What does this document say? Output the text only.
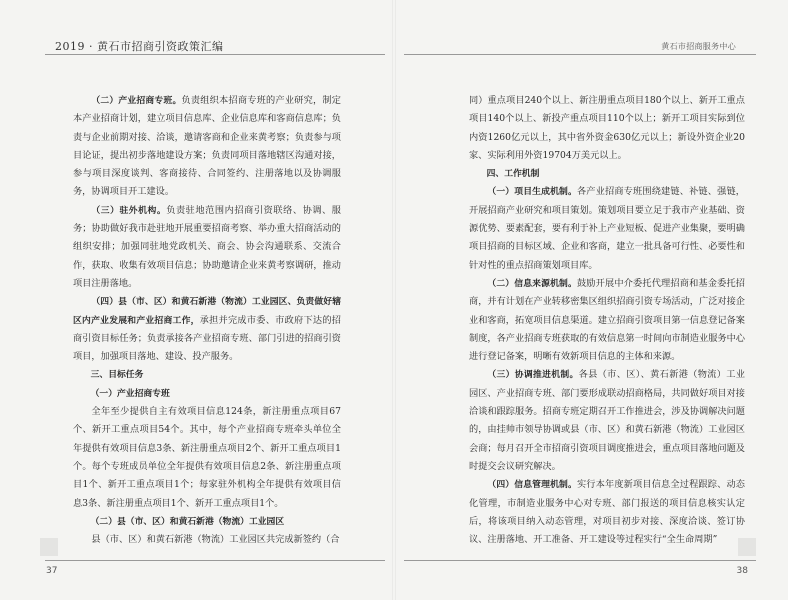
2019 · 黄石市招商引资政策汇编	黄石市招商服务中心

（二）产业招商专班。负责组织本招商专班的产业研究，制定本产业招商计划，建立项目信息库、企业信息库和客商信息库；负责与企业前期对接、洽谈，邀请客商和企业来黄考察；负责参与项目论证，提出初步落地建设方案；负责同项目落地辖区沟通对接，参与项目深度谈判、客商接待、合同签约、注册落地以及协调服务，协调项目开工建设。

（三）驻外机构。负责驻地范围内招商引资联络、协调、服务；协助做好我市赴驻地开展重要招商考察、举办重大招商活动的组织安排；加强同驻地党政机关、商会、协会沟通联系、交流合作，获取、收集有效项目信息；协助邀请企业来黄考察调研，推动项目注册落地。

（四）县（市、区）和黄石新港（物流）工业园区、负责做好辖区内产业发展和产业招商工作，承担并完成市委、市政府下达的招商引资目标任务；负责承接各产业招商专班、部门引进的招商引资项目，加强项目落地、建设、投产服务。

三、目标任务

（一）产业招商专班

全年至少提供自主有效项目信息124条，新注册重点项目67个、新开工重点项目54个。其中，每个产业招商专班牵头单位全年提供有效项目信息3条、新注册重点项目2个、新开工重点项目1个。每个专班成员单位全年提供有效项目信息2条、新注册重点项目1个、新开工重点项目1个；每家驻外机构全年提供有效项目信息3条、新注册重点项目1个、新开工重点项目1个。

（二）县（市、区）和黄石新港（物流）工业园区

县（市、区）和黄石新港（物流）工业园区共完成新签约（合

同）重点项目240个以上、新注册重点项目180个以上、新开工重点项目140个以上、新投产重点项目110个以上；新开工项目实际到位内资1260亿元以上，其中省外资金630亿元以上；新设外资企业20家、实际利用外资19704万美元以上。

四、工作机制

（一）项目生成机制。各产业招商专班围绕建链、补链、强链，开展招商产业研究和项目策划。策划项目要立足于我市产业基础、资源优势、要素配套，要有利于补上产业短板、促进产业集聚，要明确项目招商的目标区域、企业和客商，建立一批具备可行性、必要性和针对性的重点招商策划项目库。

（二）信息来源机制。鼓励开展中介委托代理招商和基金委托招商，并有计划在产业转移密集区组织招商引资专场活动，广泛对接企业和客商，拓宽项目信息渠道。建立招商引资项目第一信息登记备案制度，各产业招商专班获取的有效信息第一时间向市制造业服务中心进行登记备案，明晰有效新项目信息的主体和来源。

（三）协调推进机制。各县（市、区）、黄石新港（物流）工业园区、产业招商专班、部门要形成联动招商格局，共同做好项目对接洽谈和跟踪服务。招商专班定期召开工作推进会，涉及协调解决问题的，由挂帅市领导协调或县（市、区）和黄石新港（物流）工业园区会商；每月召开全市招商引资项目调度推进会，重点项目落地问题及时提交会议研究解决。

（四）信息管理机制。实行本年度新项目信息全过程跟踪、动态化管理，市制造业服务中心对专班、部门报送的项目信息核实认定后，将该项目纳入动态管理，对项目初步对接、深度洽谈、签订协议、注册落地、开工准备、开工建设等过程实行“全生命周期”

37	38
